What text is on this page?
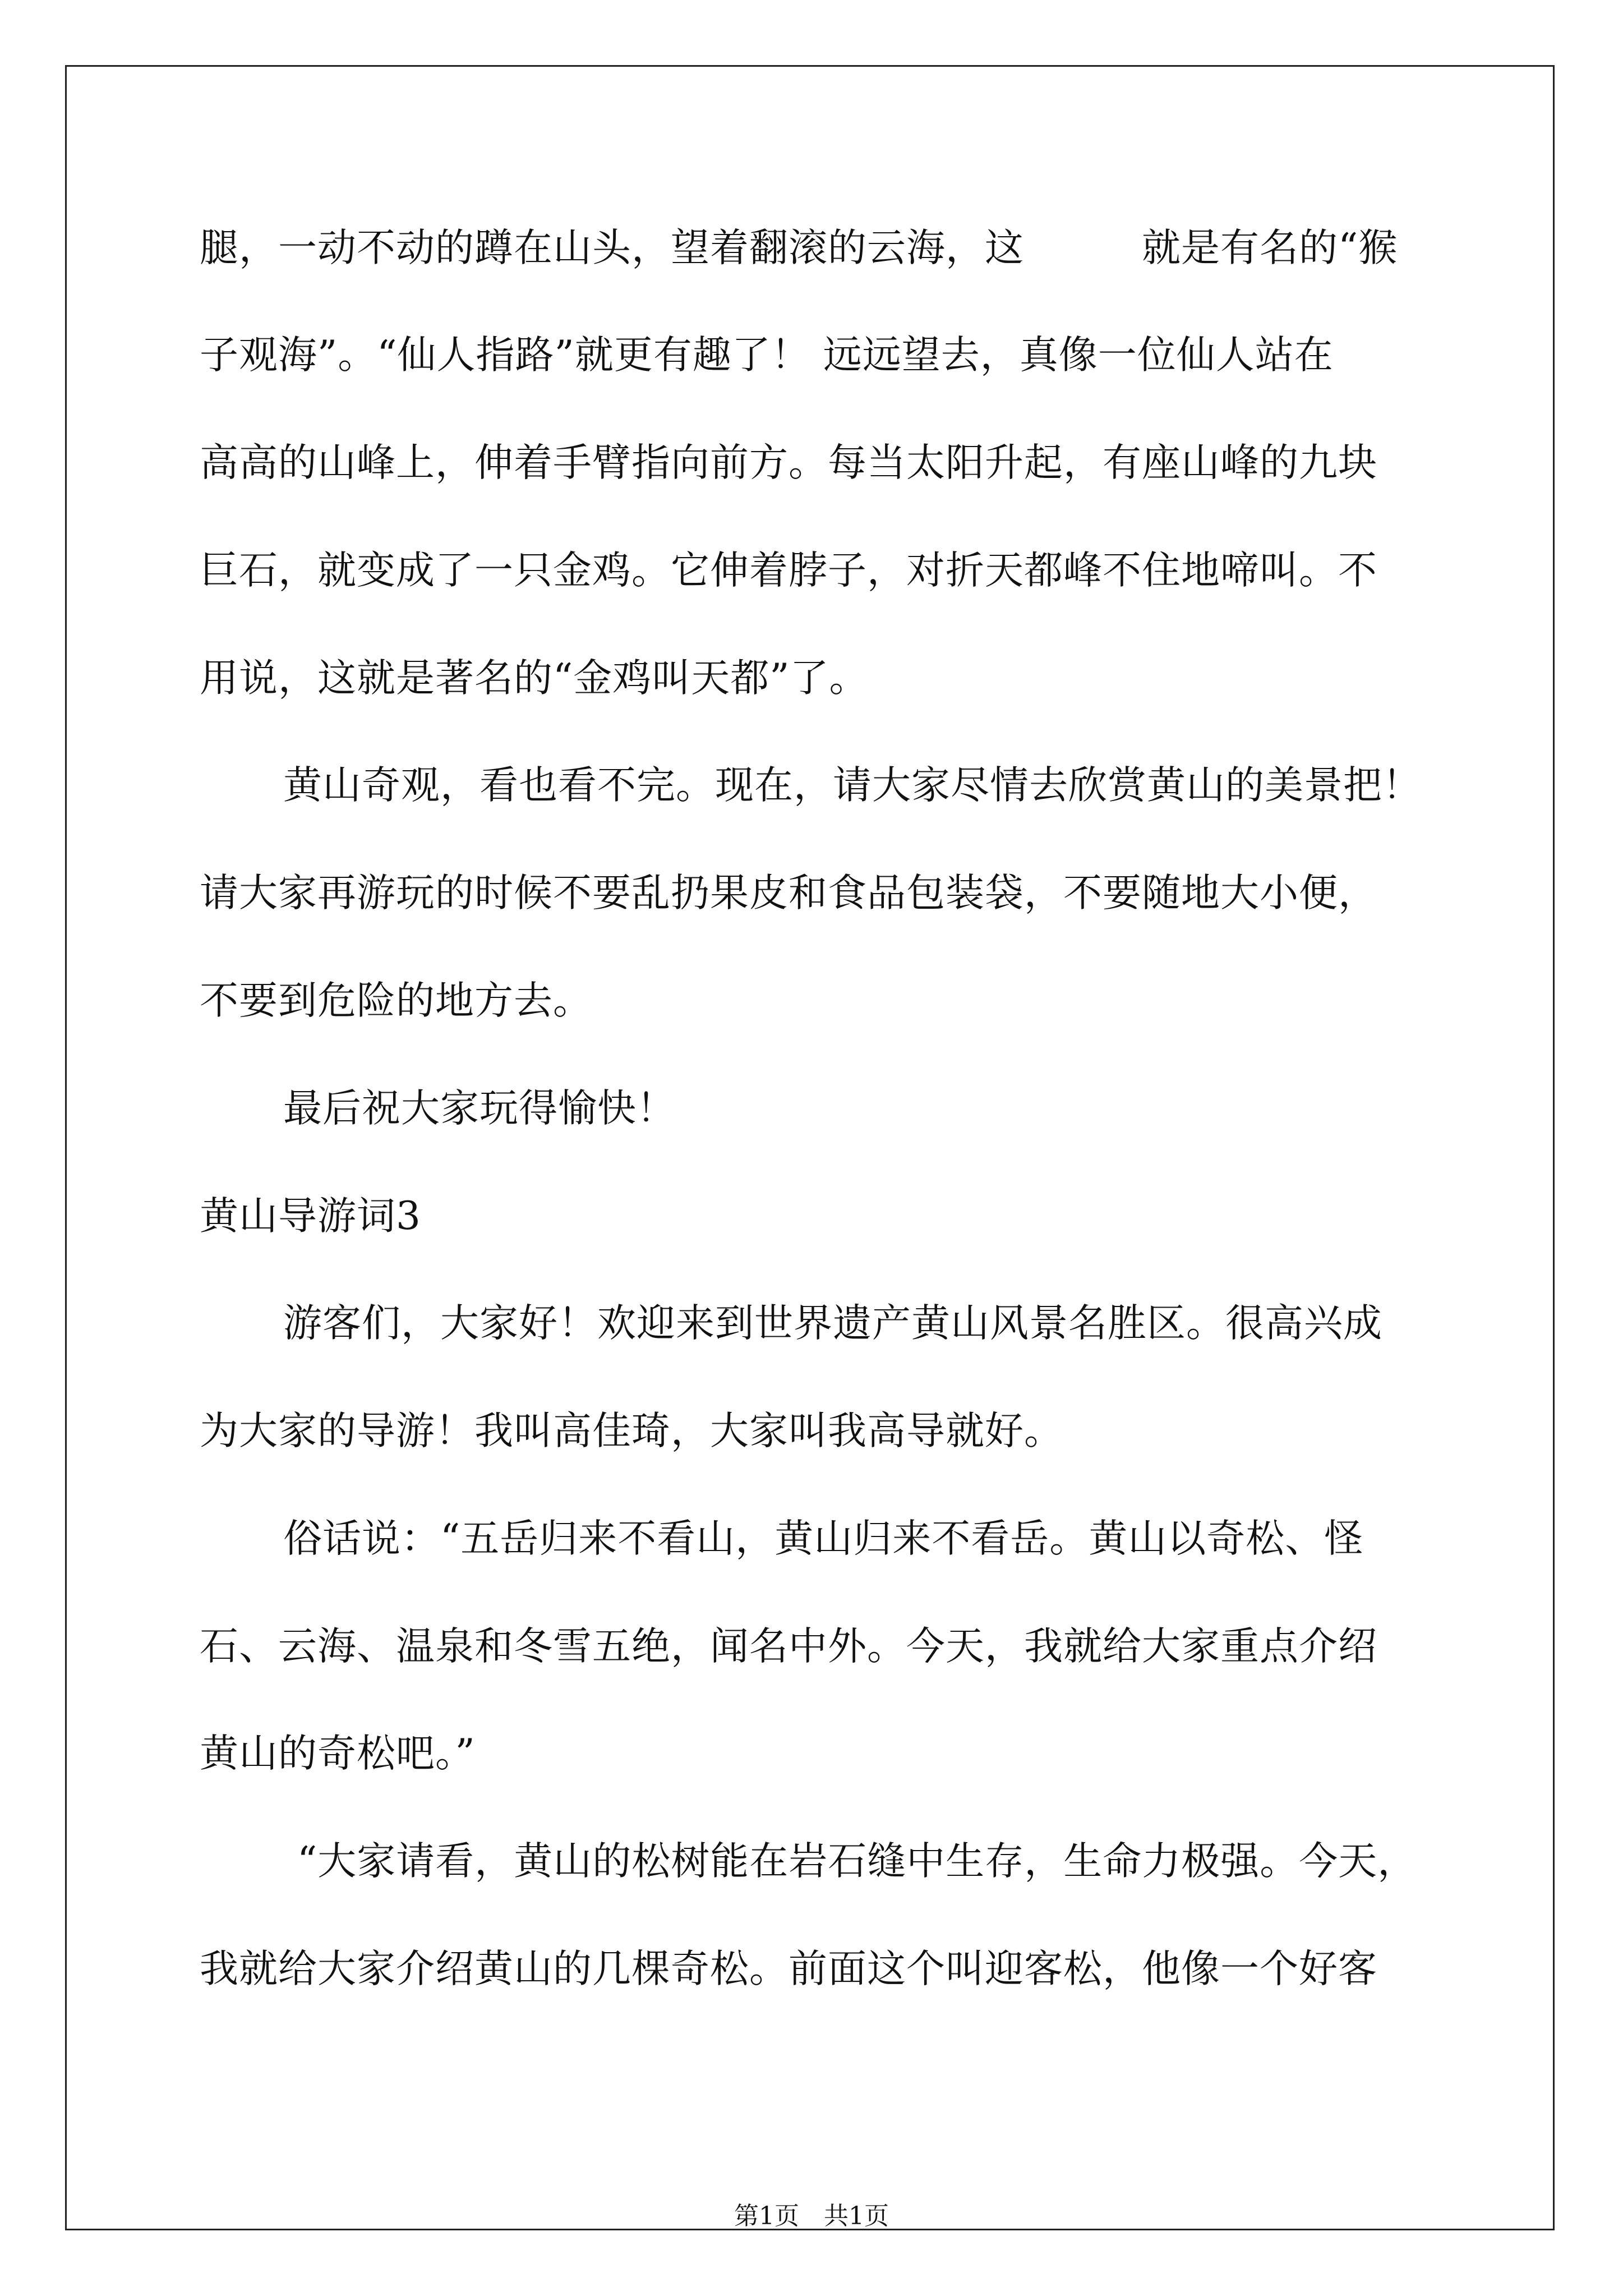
腿，一动不动的蹲在山头，望着翻滚的云海，这　　　就是有名的“猴
子观海”。“仙人指路”就更有趣了！ 远远望去，真像一位仙人站在
高高的山峰上，伸着手臂指向前方。每当太阳升起，有座山峰的九块
巨石，就变成了一只金鸡。它伸着脖子，对折天都峰不住地啼叫。不
用说，这就是著名的“金鸡叫天都”了。
黄山奇观，看也看不完。现在，请大家尽情去欣赏黄山的美景把！
请大家再游玩的时候不要乱扔果皮和食品包装袋，不要随地大小便，
不要到危险的地方去。
最后祝大家玩得愉快！
黄山导游词3
游客们，大家好！欢迎来到世界遗产黄山风景名胜区。很高兴成
为大家的导游！我叫高佳琦，大家叫我高导就好。
俗话说：“五岳归来不看山，黄山归来不看岳。黄山以奇松、怪
石、云海、温泉和冬雪五绝，闻名中外。今天，我就给大家重点介绍
黄山的奇松吧。”
“大家请看，黄山的松树能在岩石缝中生存，生命力极强。今天，
我就给大家介绍黄山的几棵奇松。前面这个叫迎客松，他像一个好客
第1页　共1页
